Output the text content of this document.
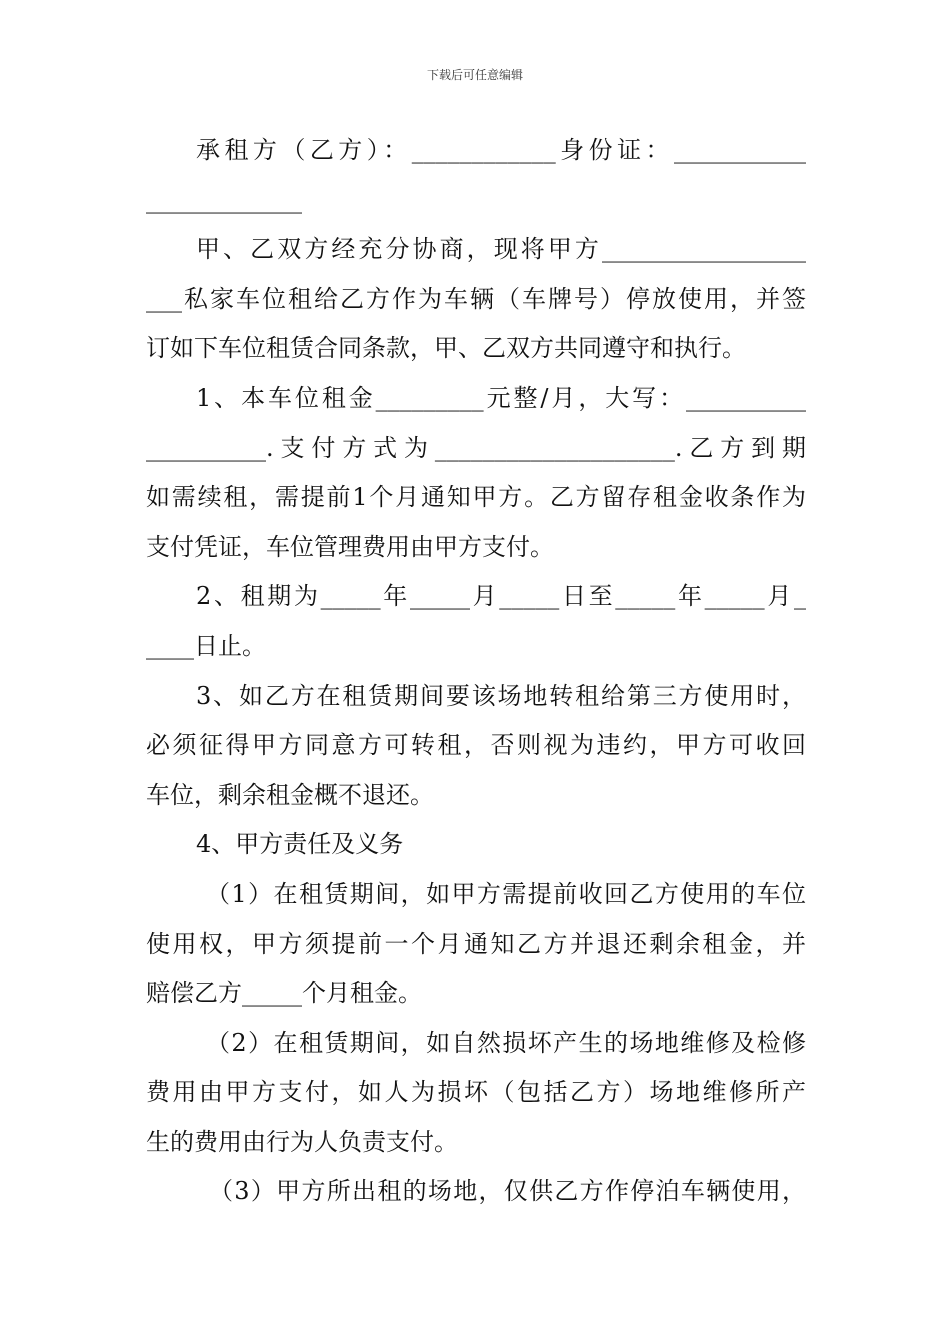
下载后可任意编辑
承租方（乙方）：____________身份证：___________
_____________
甲、乙双方经充分协商，现将甲方_________________
___私家车位租给乙方作为车辆（车牌号）停放使用，并签
订如下车位租赁合同条款，甲、乙双方共同遵守和执行。
1、本车位租金_________元整/月，大写：__________
__________.支付方式为____________________.乙方到期
如需续租，需提前1个月通知甲方。乙方留存租金收条作为
支付凭证，车位管理费用由甲方支付。
2、租期为_____年_____月_____日至_____年_____月_
____日止。
3、如乙方在租赁期间要该场地转租给第三方使用时，
必须征得甲方同意方可转租，否则视为违约，甲方可收回
车位，剩余租金概不退还。
4、甲方责任及义务
（1）在租赁期间，如甲方需提前收回乙方使用的车位
使用权，甲方须提前一个月通知乙方并退还剩余租金，并
赔偿乙方_____个月租金。
（2）在租赁期间，如自然损坏产生的场地维修及检修
费用由甲方支付，如人为损坏（包括乙方）场地维修所产
生的费用由行为人负责支付。
（3）甲方所出租的场地，仅供乙方作停泊车辆使用，
